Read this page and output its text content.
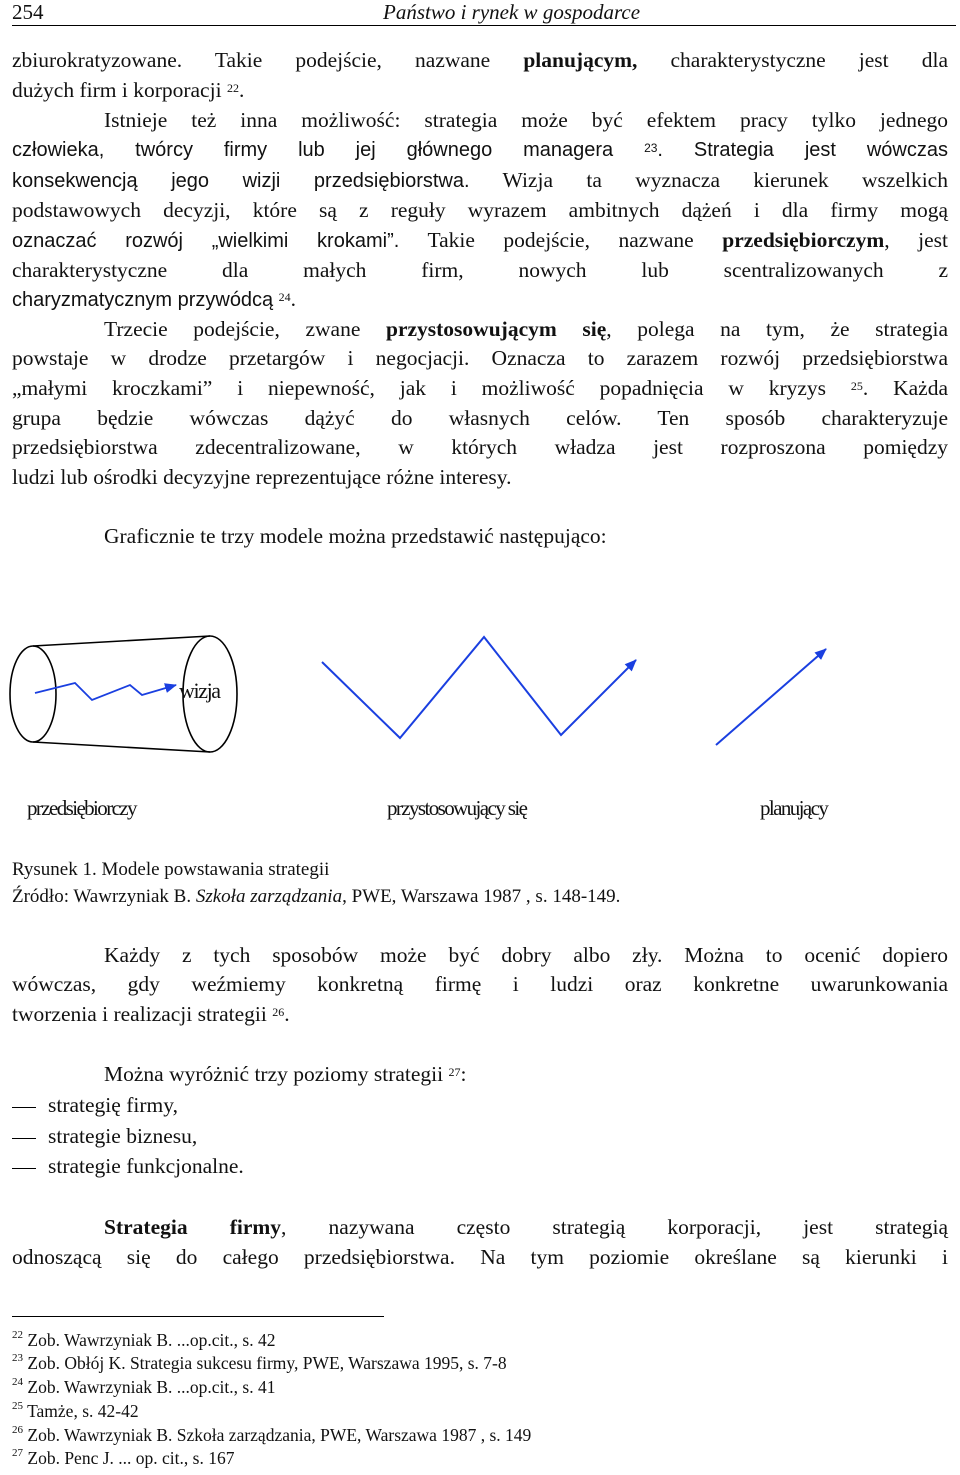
254	Państwo i rynek w gospodarce
zbiurokratyzowane. Takie podejście, nazwane planującym, charakterystyczne jest dla
dużych firm i korporacji $^{22}$.
Istnieje też inna możliwość: strategia może być efektem pracy tylko jednego
człowieka, twórcy firmy lub jej głównego managera	$^{23}$. Strategia jest wówczas
konsekwencją jego wizji przedsiębiorstwa. Wizja ta wyznacza kierunek wszelkich
podstawowych decyzji, które są z reguły wyrazem ambitnych dążeń i dla firmy mogą
oznaczać rozwój „wielkimi krokami”. Takie podejście, nazwane przedsiębiorczym, jest
charakterystyczne dla małych firm, nowych lub scentralizowanych z
charyzmatycznym przywódcą $^{24}$.
Trzecie podejście, zwane przystosowującym się, polega na tym, że strategia
powstaje w drodze przetargów i negocjacji. Oznacza to zarazem rozwój przedsiębiorstwa
„małymi kroczkami” i niepewność, jak i możliwość popadnięcia w kryzys $^{25}$. Każda
grupa będzie wówczas dążyć do własnych celów. Ten sposób charakteryzuje
przedsiębiorstwa zdecentralizowane, w których władza jest rozproszona pomiędzy
ludzi lub ośrodki decyzyjne reprezentujące różne interesy.
Graficznie te trzy modele można przedstawić następująco:
wizja
przedsiębiorczy	przystosowujący się	planujący
Rysunek 1. Modele powstawania strategii
Źródło: Wawrzyniak B. Szkoła zarządzania, PWE, Warszawa 1987 , s. 148-149.
Każdy z tych sposobów może być dobry albo zły. Można to ocenić dopiero
wówczas, gdy weźmiemy konkretną firmę i ludzi oraz konkretne uwarunkowania
tworzenia i realizacji strategii $^{26}$.
Można wyróżnić trzy poziomy strategii $^{27}$:
strategię firmy,
strategie biznesu,
strategie funkcjonalne.
Strategia firmy, nazywana często strategią korporacji, jest strategią
odnoszącą się do całego przedsiębiorstwa. Na tym poziomie określane są kierunki i
$^{22}$ Zob. Wawrzyniak B. ...op.cit., s. 42
$^{23}$ Zob. Obłój K. Strategia sukcesu firmy, PWE, Warszawa 1995, s. 7-8
$^{24}$ Zob. Wawrzyniak B. ...op.cit., s. 41
$^{25}$ Tamże, s. 42-42
$^{26}$ Zob. Wawrzyniak B. Szkoła zarządzania, PWE, Warszawa 1987 , s. 149
$^{27}$ Zob. Penc J. ... op. cit., s. 167
